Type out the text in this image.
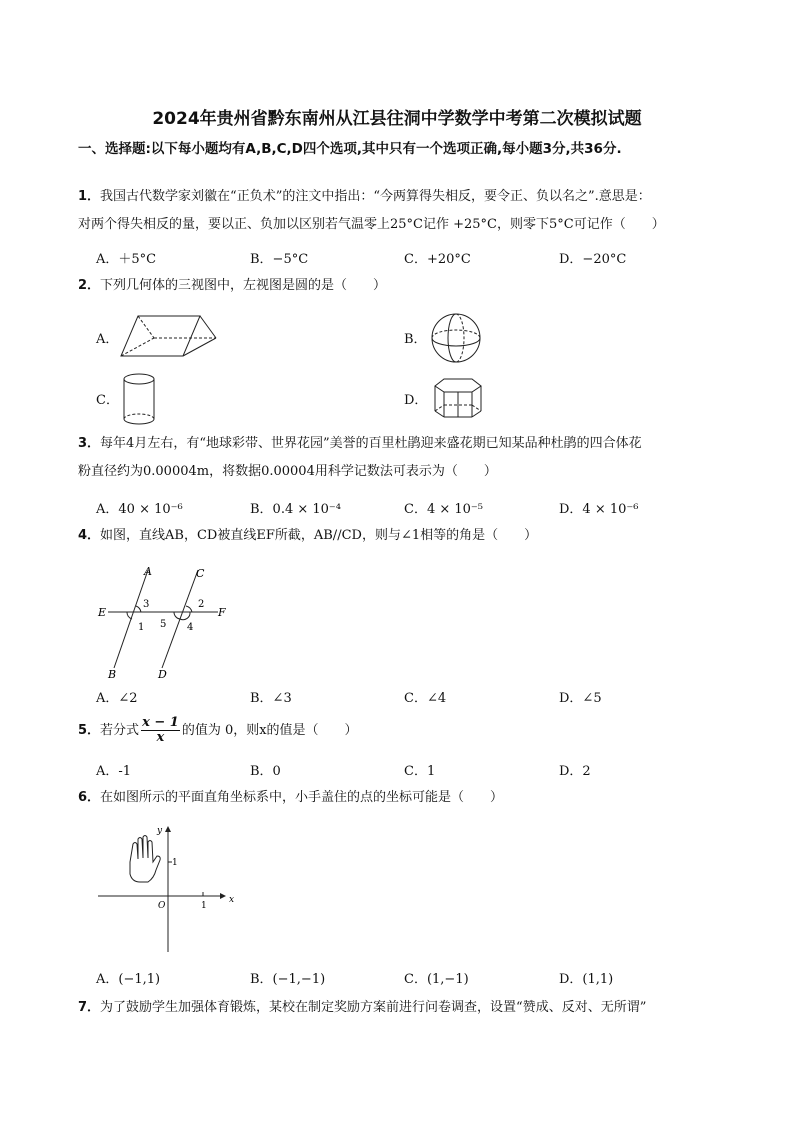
2024年贵州省黔东南州从江县往洞中学数学中考第二次模拟试题
一、选择题:以下每小题均有A,B,C,D四个选项,其中只有一个选项正确,每小题3分,共36分.
1．我国古代数学家刘徽在“正负术”的注文中指出：“今两算得失相反，要令正、负以名之”.意思是：
对两个得失相反的量，要以正、负加以区别若气温零上25°C记作 +25°C，则零下5°C可记作（　　）
A．＋5°C	B．−5°C	C．+20°C	D．−20°C
2．下列几何体的三视图中，左视图是圆的是（　　）
A．	B．
C．	D．
3．每年4月左右，有“地球彩带、世界花园”美誉的百里杜鹃迎来盛花期已知某品种杜鹃的四合体花
粉直径约为0.00004m，将数据0.00004用科学记数法可表示为（　　）
A．40 × 10⁻⁶	B．0.4 × 10⁻⁴	C．4 × 10⁻⁵	D．4 × 10⁻⁶
4．如图，直线AB，CD被直线EF所截，AB//CD，则与∠1相等的角是（　　）
A
B
C
D
E	F
1
2
3
4
5
A．∠2	B．∠3	C．∠4	D．∠5
5． 若分式 $\frac{x - 1}{x}$ 的值为 0，则x的值是（　　）
A．-1	B．0	C．1	D．2
6．在如图所示的平面直角坐标系中，小手盖住的点的坐标可能是（　　）
x
y
O	1
1
A．(−1,1)	B．(−1,−1)	C．(1,−1)	D．(1,1)
7．为了鼓励学生加强体育锻炼，某校在制定奖励方案前进行问卷调查，设置“赞成、反对、无所谓”
